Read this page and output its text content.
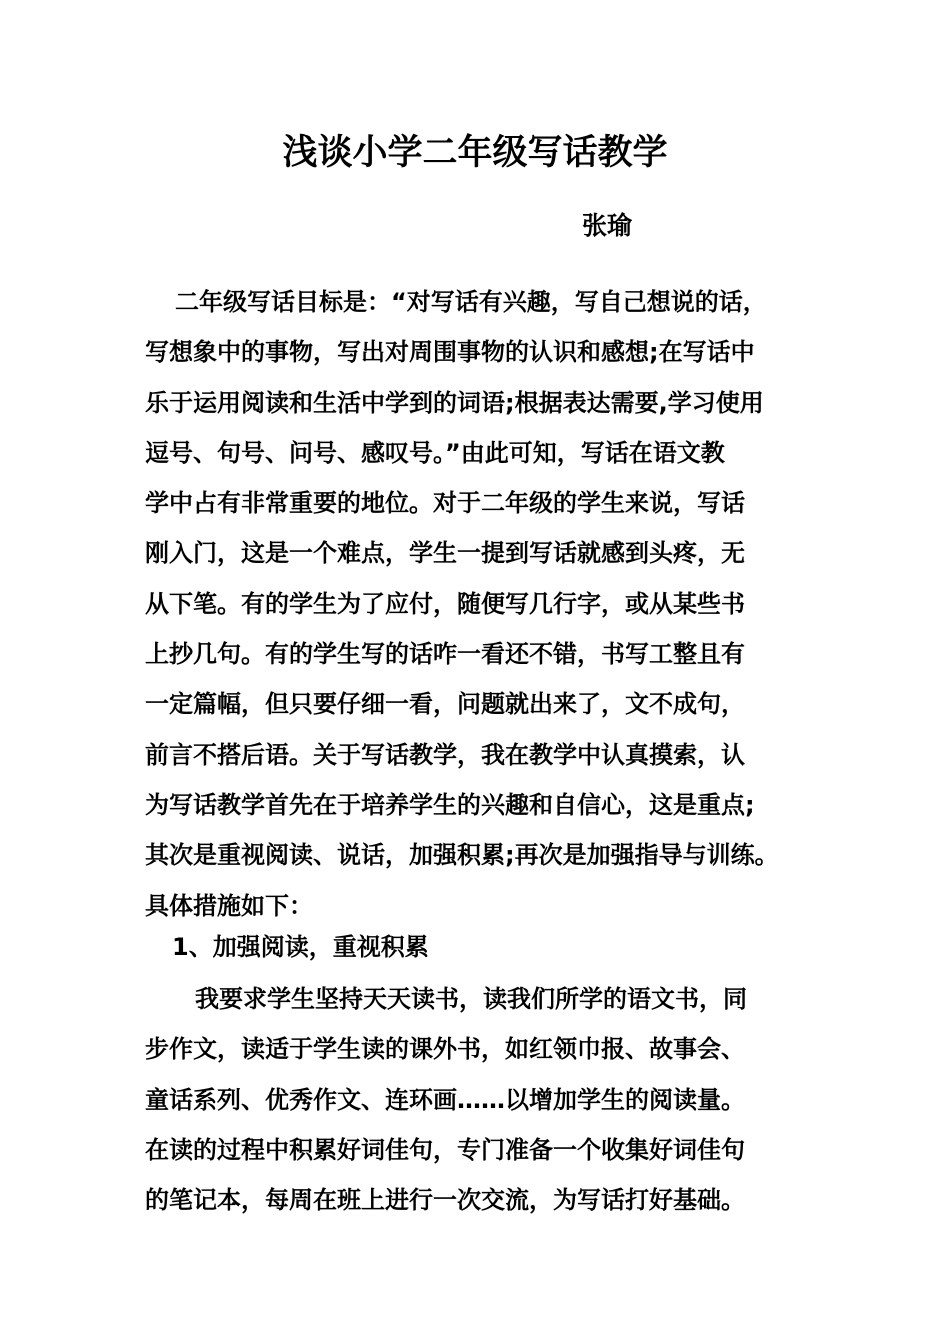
浅谈小学二年级写话教学
张瑜
二年级写话目标是：“对写话有兴趣，写自己想说的话，
写想象中的事物，写出对周围事物的认识和感想;在写话中
乐于运用阅读和生活中学到的词语;根据表达需要,学习使用
逗号、句号、问号、感叹号。”由此可知，写话在语文教
学中占有非常重要的地位。对于二年级的学生来说，写话
刚入门，这是一个难点，学生一提到写话就感到头疼，无
从下笔。有的学生为了应付，随便写几行字，或从某些书
上抄几句。有的学生写的话咋一看还不错，书写工整且有
一定篇幅，但只要仔细一看，问题就出来了，文不成句，
前言不搭后语。关于写话教学，我在教学中认真摸索，认
为写话教学首先在于培养学生的兴趣和自信心，这是重点;
其次是重视阅读、说话，加强积累;再次是加强指导与训练。
具体措施如下：
1、加强阅读，重视积累
我要求学生坚持天天读书，读我们所学的语文书，同
步作文，读适于学生读的课外书，如红领巾报、故事会、
童话系列、优秀作文、连环画……以增加学生的阅读量。
在读的过程中积累好词佳句，专门准备一个收集好词佳句
的笔记本，每周在班上进行一次交流，为写话打好基础。
